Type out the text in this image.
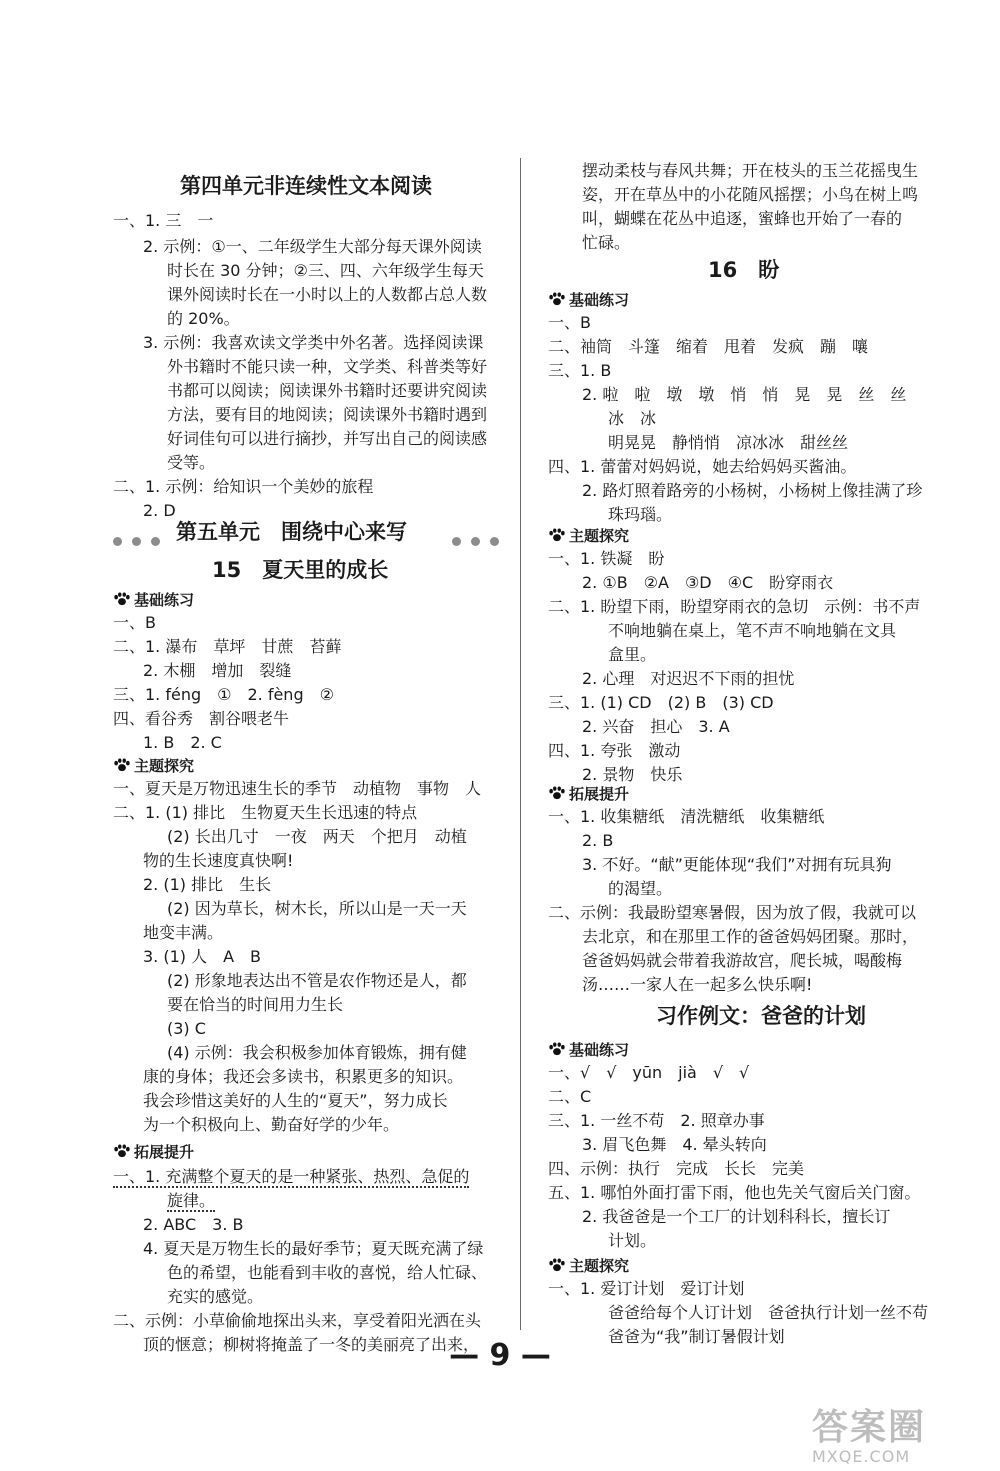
第四单元非连续性文本阅读
一、1. 三　一
2. 示例：①一、二年级学生大部分每天课外阅读
时长在 30 分钟；②三、四、六年级学生每天
课外阅读时长在一小时以上的人数都占总人数
的 20%。
3. 示例：我喜欢读文学类中外名著。选择阅读课
外书籍时不能只读一种，文学类、科普类等好
书都可以阅读；阅读课外书籍时还要讲究阅读
方法，要有目的地阅读；阅读课外书籍时遇到
好词佳句可以进行摘抄，并写出自己的阅读感
受等。
二、1. 示例：给知识一个美妙的旅程
2. D
第五单元　围绕中心来写
15　夏天里的成长
基础练习
一、B
二、1. 瀑布　草坪　甘蔗　苔藓
2. 木棚　增加　裂缝
三、1. féng　①　2. fèng　②
四、看谷秀　割谷喂老牛
1. B　2. C
主题探究
一、夏天是万物迅速生长的季节　动植物　事物　人
二、1. (1) 排比　生物夏天生长迅速的特点
(2) 长出几寸　一夜　两天　个把月　动植
物的生长速度真快啊!
2. (1) 排比　生长
(2) 因为草长，树木长，所以山是一天一天
地变丰满。
3. (1) 人　A　B
(2) 形象地表达出不管是农作物还是人，都
要在恰当的时间用力生长
(3) C
(4) 示例：我会积极参加体育锻炼，拥有健
康的身体；我还会多读书，积累更多的知识。
我会珍惜这美好的人生的“夏天”，努力成长
为一个积极向上、勤奋好学的少年。
拓展提升
一、1. 充满整个夏天的是一种紧张、热烈、急促的
旋律。
2. ABC　3. B
4. 夏天是万物生长的最好季节；夏天既充满了绿
色的希望，也能看到丰收的喜悦，给人忙碌、
充实的感觉。
二、示例：小草偷偷地探出头来，享受着阳光洒在头
顶的惬意；柳树将掩盖了一冬的美丽亮了出来，
摆动柔枝与春风共舞；开在枝头的玉兰花摇曳生
姿，开在草丛中的小花随风摇摆；小鸟在树上鸣
叫，蝴蝶在花丛中追逐，蜜蜂也开始了一春的
忙碌。
16　盼
基础练习
一、B
二、袖筒　斗篷　缩着　甩着　发疯　蹦　嚷
三、1. B
2. 啦　啦　墩　墩　悄　悄　晃　晃　丝　丝
冰　冰
明晃晃　静悄悄　凉冰冰　甜丝丝
四、1. 蕾蕾对妈妈说，她去给妈妈买酱油。
2. 路灯照着路旁的小杨树，小杨树上像挂满了珍
珠玛瑙。
主题探究
一、1. 铁凝　盼
2. ①B　②A　③D　④C　盼穿雨衣
二、1. 盼望下雨，盼望穿雨衣的急切　示例：书不声
不响地躺在桌上，笔不声不响地躺在文具
盒里。
2. 心理　对迟迟不下雨的担忧
三、1. (1) CD　(2) B　(3) CD
2. 兴奋　担心　3. A
四、1. 夸张　激动
2. 景物　快乐
拓展提升
一、1. 收集糖纸　清洗糖纸　收集糖纸
2. B
3. 不好。“献”更能体现“我们”对拥有玩具狗
的渴望。
二、示例：我最盼望寒暑假，因为放了假，我就可以
去北京，和在那里工作的爸爸妈妈团聚。那时，
爸爸妈妈就会带着我游故宫，爬长城，喝酸梅
汤……一家人在一起多么快乐啊!
习作例文：爸爸的计划
基础练习
一、√　√　yūn　jià　√　√
二、C
三、1. 一丝不苟　2. 照章办事
3. 眉飞色舞　4. 晕头转向
四、示例：执行　完成　长长　完美
五、1. 哪怕外面打雷下雨，他也先关气窗后关门窗。
2. 我爸爸是一个工厂的计划科科长，擅长订
计划。
主题探究
一、1. 爱订计划　爱订计划
爸爸给每个人订计划　爸爸执行计划一丝不苟
爸爸为“我”制订暑假计划
— 9 —
答案圈
MXQE.COM
